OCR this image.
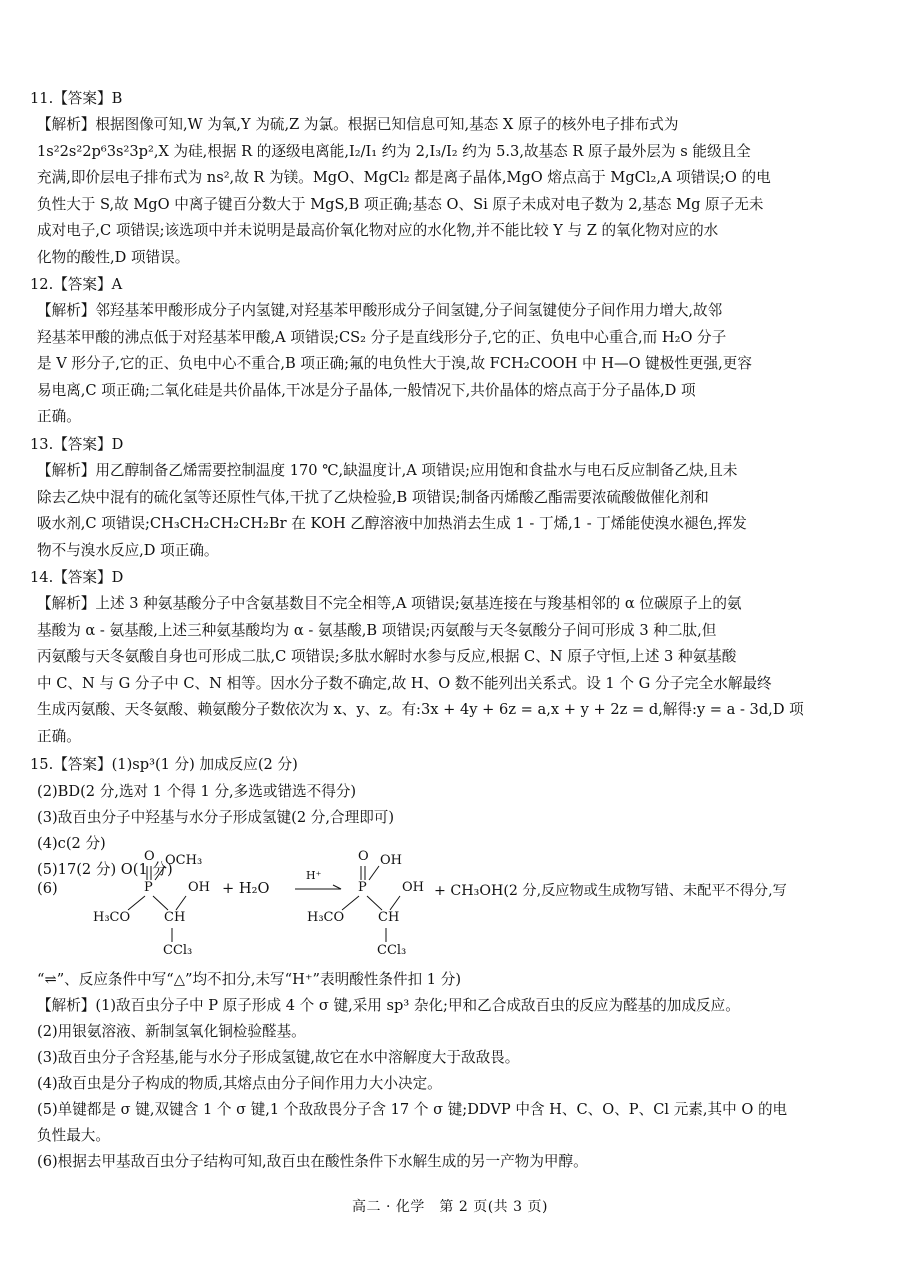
11.【答案】B
【解析】根据图像可知,W 为氧,Y 为硫,Z 为氯。根据已知信息可知,基态 X 原子的核外电子排布式为
1s²2s²2p⁶3s²3p²,X 为硅,根据 R 的逐级电离能,I₂/I₁ 约为 2,I₃/I₂ 约为 5.3,故基态 R 原子最外层为 s 能级且全
充满,即价层电子排布式为 ns²,故 R 为镁。MgO、MgCl₂ 都是离子晶体,MgO 熔点高于 MgCl₂,A 项错误;O 的电
负性大于 S,故 MgO 中离子键百分数大于 MgS,B 项正确;基态 O、Si 原子未成对电子数为 2,基态 Mg 原子无未
成对电子,C 项错误;该选项中并未说明是最高价氧化物对应的水化物,并不能比较 Y 与 Z 的氧化物对应的水
化物的酸性,D 项错误。
12.【答案】A
【解析】邻羟基苯甲酸形成分子内氢键,对羟基苯甲酸形成分子间氢键,分子间氢键使分子间作用力增大,故邻
羟基苯甲酸的沸点低于对羟基苯甲酸,A 项错误;CS₂ 分子是直线形分子,它的正、负电中心重合,而 H₂O 分子
是 V 形分子,它的正、负电中心不重合,B 项正确;氟的电负性大于溴,故 FCH₂COOH 中 H—O 键极性更强,更容
易电离,C 项正确;二氧化硅是共价晶体,干冰是分子晶体,一般情况下,共价晶体的熔点高于分子晶体,D 项
正确。
13.【答案】D
【解析】用乙醇制备乙烯需要控制温度 170 ℃,缺温度计,A 项错误;应用饱和食盐水与电石反应制备乙炔,且未
除去乙炔中混有的硫化氢等还原性气体,干扰了乙炔检验,B 项错误;制备丙烯酸乙酯需要浓硫酸做催化剂和
吸水剂,C 项错误;CH₃CH₂CH₂CH₂Br 在 KOH 乙醇溶液中加热消去生成 1 - 丁烯,1 - 丁烯能使溴水褪色,挥发
物不与溴水反应,D 项正确。
14.【答案】D
【解析】上述 3 种氨基酸分子中含氨基数目不完全相等,A 项错误;氨基连接在与羧基相邻的 α 位碳原子上的氨
基酸为 α - 氨基酸,上述三种氨基酸均为 α - 氨基酸,B 项错误;丙氨酸与天冬氨酸分子间可形成 3 种二肽,但
丙氨酸与天冬氨酸自身也可形成二肽,C 项错误;多肽水解时水参与反应,根据 C、N 原子守恒,上述 3 种氨基酸
中 C、N 与 G 分子中 C、N 相等。因水分子数不确定,故 H、O 数不能列出关系式。设 1 个 G 分子完全水解最终
生成丙氨酸、天冬氨酸、赖氨酸分子数依次为 x、y、z。有:3x + 4y + 6z = a,x + y + 2z = d,解得:y = a - 3d,D 项
正确。
15.【答案】(1)sp³(1 分) 加成反应(2 分)
(2)BD(2 分,选对 1 个得 1 分,多选或错选不得分)
(3)敌百虫分子中羟基与水分子形成氢键(2 分,合理即可)
(4)c(2 分)
(5)17(2 分) O(1 分)
(6)
O OCH₃
P	OH
H₃CO	CH
CCl₃
+ H₂O
H⁺
O OH
P	OH
H₃CO	CH
CCl₃
+ CH₃OH(2 分,反应物或生成物写错、未配平不得分,写
“⇌”、反应条件中写“△”均不扣分,未写“H⁺”表明酸性条件扣 1 分)
【解析】(1)敌百虫分子中 P 原子形成 4 个 σ 键,采用 sp³ 杂化;甲和乙合成敌百虫的反应为醛基的加成反应。
(2)用银氨溶液、新制氢氧化铜检验醛基。
(3)敌百虫分子含羟基,能与水分子形成氢键,故它在水中溶解度大于敌敌畏。
(4)敌百虫是分子构成的物质,其熔点由分子间作用力大小决定。
(5)单键都是 σ 键,双键含 1 个 σ 键,1 个敌敌畏分子含 17 个 σ 键;DDVP 中含 H、C、O、P、Cl 元素,其中 O 的电
负性最大。
(6)根据去甲基敌百虫分子结构可知,敌百虫在酸性条件下水解生成的另一产物为甲醇。
高二 · 化学　第 2 页(共 3 页)
